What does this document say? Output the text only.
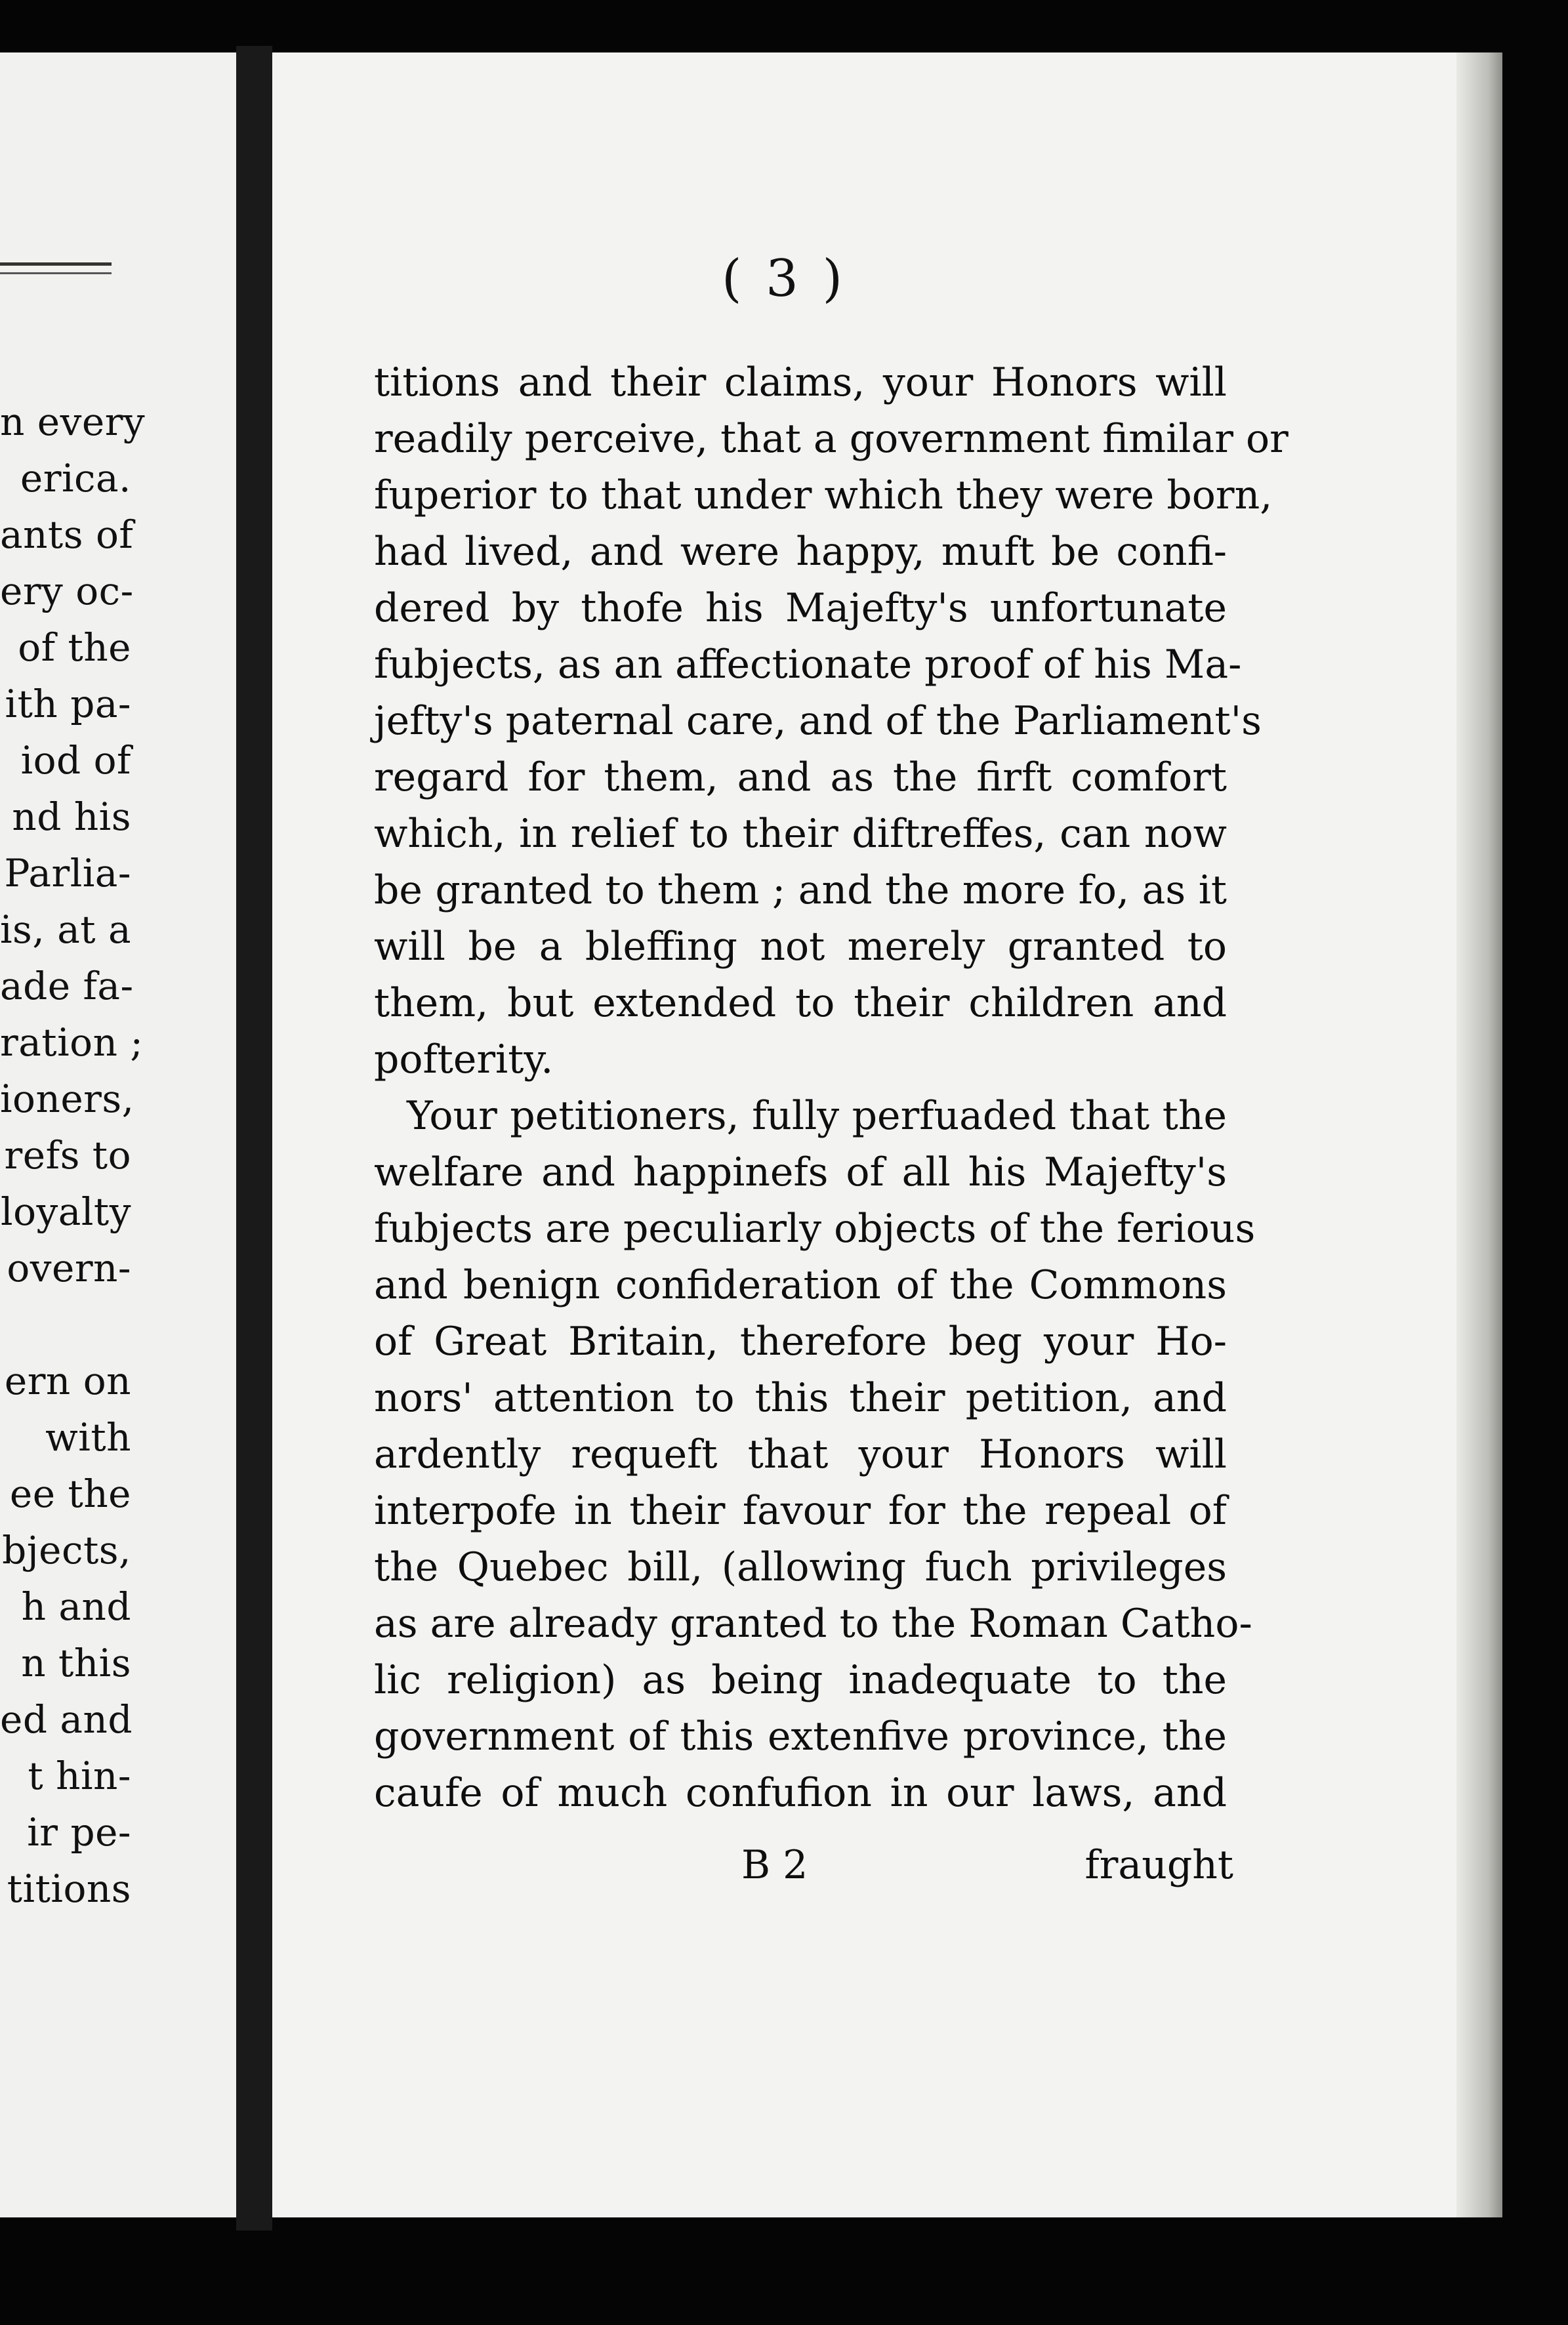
n every
erica.
ants of
ery oc-
of the
ith pa-
iod of
nd his
Parlia-
is, at a
ade fa-
ration ;
ioners,
refs to
loyalty
overn-
ern on
with
ee the
bjects,
h and
n this
ed and
t hin-
ir pe-
titions
( 3 )
titions and their claims, your Honors will
readily perceive, that a government fimilar or
fuperior to that under which they were born,
had lived, and were happy, muft be confi-
dered by thofe his Majefty's unfortunate
fubjects, as an affectionate proof of his Ma-
jefty's paternal care, and of the Parliament's
regard for them, and as the firft comfort
which, in relief to their diftreffes, can now
be granted to them ; and the more fo, as it
will be a bleffing not merely granted to
them, but extended to their children and
pofterity.
Your petitioners, fully perfuaded that the
welfare and happinefs of all his Majefty's
fubjects are peculiarly objects of the ferious
and benign confideration of the Commons
of Great Britain, therefore beg your Ho-
nors' attention to this their petition, and
ardently requeft that your Honors will
interpofe in their favour for the repeal of
the Quebec bill, (allowing fuch privileges
as are already granted to the Roman Catho-
lic religion) as being inadequate to the
government of this extenfive province, the
caufe of much confufion in our laws, and
B 2	fraught
